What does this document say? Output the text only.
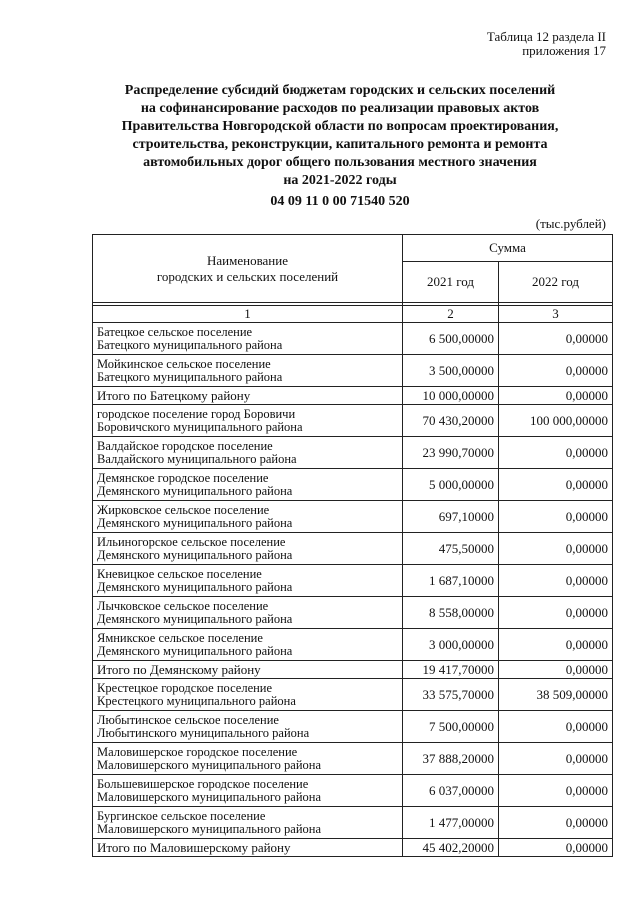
Таблица 12 раздела II
приложения 17
Распределение субсидий бюджетам городских и сельских поселений
на софинансирование расходов по реализации правовых актов
Правительства Новгородской области по вопросам проектирования,
строительства, реконструкции, капитального ремонта и ремонта
автомобильных дорог общего пользования местного значения
на 2021-2022 годы
04 09 11 0 00 71540 520
(тыс.рублей)
Наименование
городских и сельских поселений	Сумма	
	2021 год	2022 год

1	2	3

Батецкое сельское поселение
Батецкого муниципального района	6 500,00000	0,00000

Мойкинское сельское поселение
Батецкого муниципального района	3 500,00000	0,00000

Итого по Батецкому району	10 000,00000	0,00000

городское поселение город Боровичи
Боровичского муниципального района	70 430,20000	100 000,00000

Валдайское городское поселение
Валдайского муниципального района	23 990,70000	0,00000

Демянское городское поселение
Демянского муниципального района	5 000,00000	0,00000

Жирковское сельское поселение
Демянского муниципального района	697,10000	0,00000

Ильиногорское сельское поселение
Демянского муниципального района	475,50000	0,00000

Кневицкое сельское поселение
Демянского муниципального района	1 687,10000	0,00000

Лычковское сельское поселение
Демянского муниципального района	8 558,00000	0,00000

Ямникское сельское поселение
Демянского муниципального района	3 000,00000	0,00000

Итого по Демянскому району	19 417,70000	0,00000

Крестецкое городское поселение
Крестецкого муниципального района	33 575,70000	38 509,00000

Любытинское сельское поселение
Любытинского муниципального района	7 500,00000	0,00000

Маловишерское городское поселение
Маловишерского муниципального района	37 888,20000	0,00000

Большевишерское городское поселение
Маловишерского муниципального района	6 037,00000	0,00000

Бургинское сельское поселение
Маловишерского муниципального района	1 477,00000	0,00000

Итого по Маловишерскому району	45 402,20000	0,00000
